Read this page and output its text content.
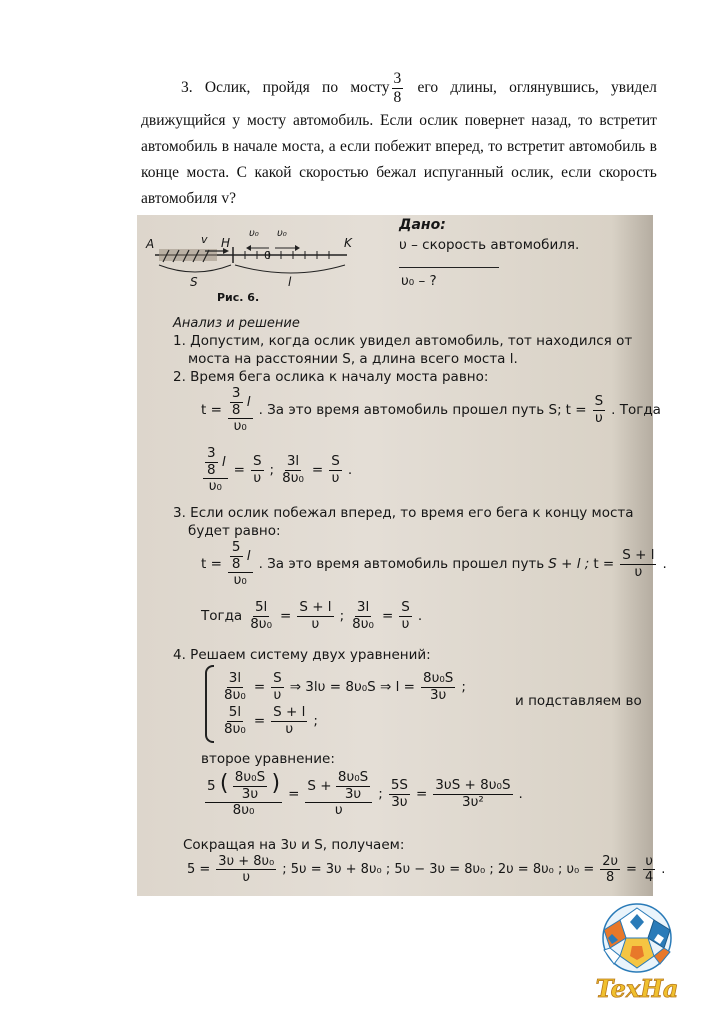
3. Ослик, пройдя по мосту $\frac{3}{8}$ его длины, оглянувшись, увидел

движущийся у мосту автомобиль. Если ослик повернет назад, то встретит

автомобиль в начале моста, а если побежит вперед, то встретит автомобиль в

конце моста. С какой скоростью бежал испуганный ослик, если скорость

автомобиля v?

A	v H
υ₀ υ₀
K
0
S	l
Рис. 6.
Дано:
υ – скорость автомобиля.
υ₀ – ?
Анализ и решение
1. Допустим, когда ослик увидел автомобиль, тот находился от
моста на расстоянии S, а длина всего моста l.
2. Время бега ослика к началу моста равно:
$t = \frac{\frac{3}{8} l}{\text{υ₀}}$ . За это время автомобиль прошел путь S; $t = \frac{S}{\upsilon}$ . Тогда
$\frac{\frac{3}{8} l}{\text{υ₀}} = \frac{S}{\upsilon}$ ; $\frac{3l}{\text{8υ₀}} = \frac{S}{\upsilon}$ .
3. Если ослик побежал вперед, то время его бега к концу моста
будет равно:
$t = \frac{\frac{5}{8} l}{\text{υ₀}}$ . За это время автомобиль прошел путь S + l ; $t = \frac{S + l}{\upsilon}$ .
Тогда $\frac{5l}{\text{8υ₀}} = \frac{S + l}{\upsilon}$ ; $\frac{3l}{\text{8υ₀}} = \frac{S}{\upsilon}$ .
4. Решаем систему двух уравнений:
$\frac{3l}{\text{8υ₀}} = \frac{S}{\upsilon}$ ⇒ 3lυ = 8υ₀S ⇒ $l = \frac{\text{8υ₀S}}{3\upsilon}$ ;
$\frac{5l}{\text{8υ₀}} = \frac{S + l}{\upsilon}$ ;
и подставляем во
второе уравнение:
5 ( $\frac{\text{8υ₀S}}{3\upsilon}$ )
8υ₀
= $\frac{S + \frac{\text{8υ₀S}}{3\upsilon}}{\upsilon}$ ; $\frac{5S}{3\upsilon} = \frac{\text{3υS + 8υ₀S}}{\text{3υ²}}$ .
Сокращая на 3υ и S, получаем:
$5 = \frac{\text{3υ + 8υ₀}}{\upsilon}$ ; 5υ = 3υ + 8υ₀ ; 5υ − 3υ = 8υ₀ ; 2υ = 8υ₀ ; $\upsilon_0 = \frac{2\upsilon}{8} = \frac{\upsilon}{4}$ .
TexHa
